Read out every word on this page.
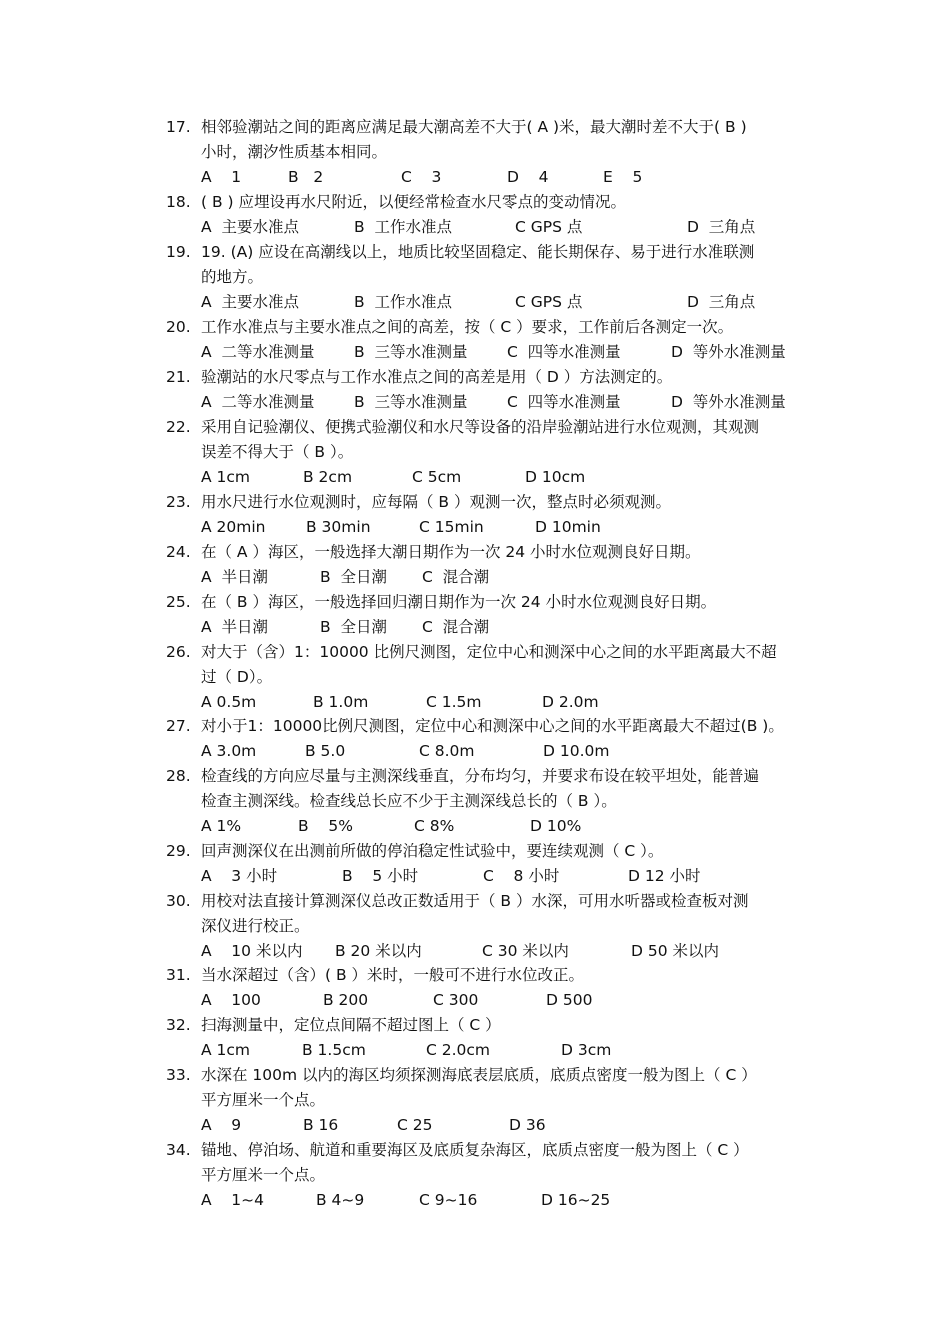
17. 相邻验潮站之间的距离应满足最大潮高差不大于( A )米，最大潮时差不大于( B )
小时，潮汐性质基本相同。
A    1	B   2	C    3	D    4	E    5
18. ( B ) 应埋设再水尺附近，以便经常检查水尺零点的变动情况。
A  主要水准点	B  工作水准点	C GPS 点	D  三角点
19. 19. (A) 应设在高潮线以上，地质比较坚固稳定、能长期保存、易于进行水准联测
的地方。
A  主要水准点	B  工作水准点	C GPS 点	D  三角点
20. 工作水准点与主要水准点之间的高差，按（ C ）要求，工作前后各测定一次。
A  二等水准测量	B  三等水准测量	C  四等水准测量	D  等外水准测量
21. 验潮站的水尺零点与工作水准点之间的高差是用（ D ）方法测定的。
A  二等水准测量	B  三等水准测量	C  四等水准测量	D  等外水准测量
22. 采用自记验潮仪、便携式验潮仪和水尺等设备的沿岸验潮站进行水位观测，其观测
误差不得大于（ B ）。
A 1cm	B 2cm	C 5cm	D 10cm
23. 用水尺进行水位观测时，应每隔（ B ）观测一次，整点时必须观测。
A 20min	B 30min	C 15min	D 10min
24. 在（ A ）海区，一般选择大潮日期作为一次 24 小时水位观测良好日期。
A  半日潮	B  全日潮 C  混合潮
25. 在（ B ）海区，一般选择回归潮日期作为一次 24 小时水位观测良好日期。
A  半日潮	B  全日潮 C  混合潮
26. 对大于（含）1：10000 比例尺测图，定位中心和测深中心之间的水平距离最大不超
过（ D）。
A 0.5m	B 1.0m	C 1.5m	D 2.0m
27. 对小于1：10000比例尺测图，定位中心和测深中心之间的水平距离最大不超过(B )。
A 3.0m	B 5.0	C 8.0m	D 10.0m
28. 检查线的方向应尽量与主测深线垂直，分布均匀，并要求布设在较平坦处，能普遍
检查主测深线。检查线总长应不少于主测深线总长的（ B ）。
A 1%	B    5%	C 8%	D 10%
29. 回声测深仪在出测前所做的停泊稳定性试验中，要连续观测（ C ）。
A    3 小时	B    5 小时	C    8 小时	D 12 小时
30. 用校对法直接计算测深仪总改正数适用于（ B ）水深，可用水听器或检查板对测
深仪进行校正。
A    10 米以内 B 20 米以内	C 30 米以内	D 50 米以内
31. 当水深超过（含）( B ）米时，一般可不进行水位改正。
A    100	B 200	C 300	D 500
32. 扫海测量中，定位点间隔不超过图上（ C ）
A 1cm	B 1.5cm	C 2.0cm	D 3cm
33. 水深在 100m 以内的海区均须探测海底表层底质，底质点密度一般为图上（ C ）
平方厘米一个点。
A    9	B 16	C 25	D 36
34. 锚地、停泊场、航道和重要海区及底质复杂海区，底质点密度一般为图上（ C ）
平方厘米一个点。
A    1~4	B 4~9	C 9~16	D 16~25
